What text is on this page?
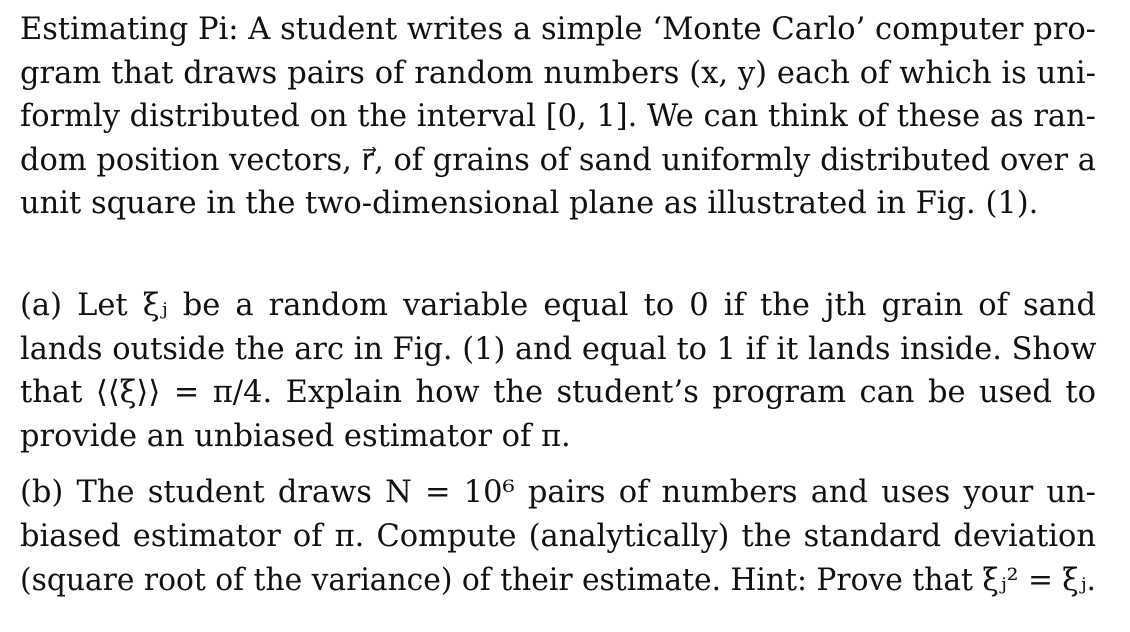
Estimating Pi: A student writes a simple ‘Monte Carlo’ computer pro-
gram that draws pairs of random numbers (x, y) each of which is uni-
formly distributed on the interval [0, 1]. We can think of these as ran-
dom position vectors, r⃗, of grains of sand uniformly distributed over a
unit square in the two-dimensional plane as illustrated in Fig. (1).
(a) Let ξⱼ be a random variable equal to 0 if the jth grain of sand
lands outside the arc in Fig. (1) and equal to 1 if it lands inside. Show
that ⟨⟨ξ⟩⟩ = π/4. Explain how the student’s program can be used to
provide an unbiased estimator of π.
(b) The student draws N = 10⁶ pairs of numbers and uses your un-
biased estimator of π. Compute (analytically) the standard deviation
(square root of the variance) of their estimate. Hint: Prove that ξⱼ² = ξⱼ.
